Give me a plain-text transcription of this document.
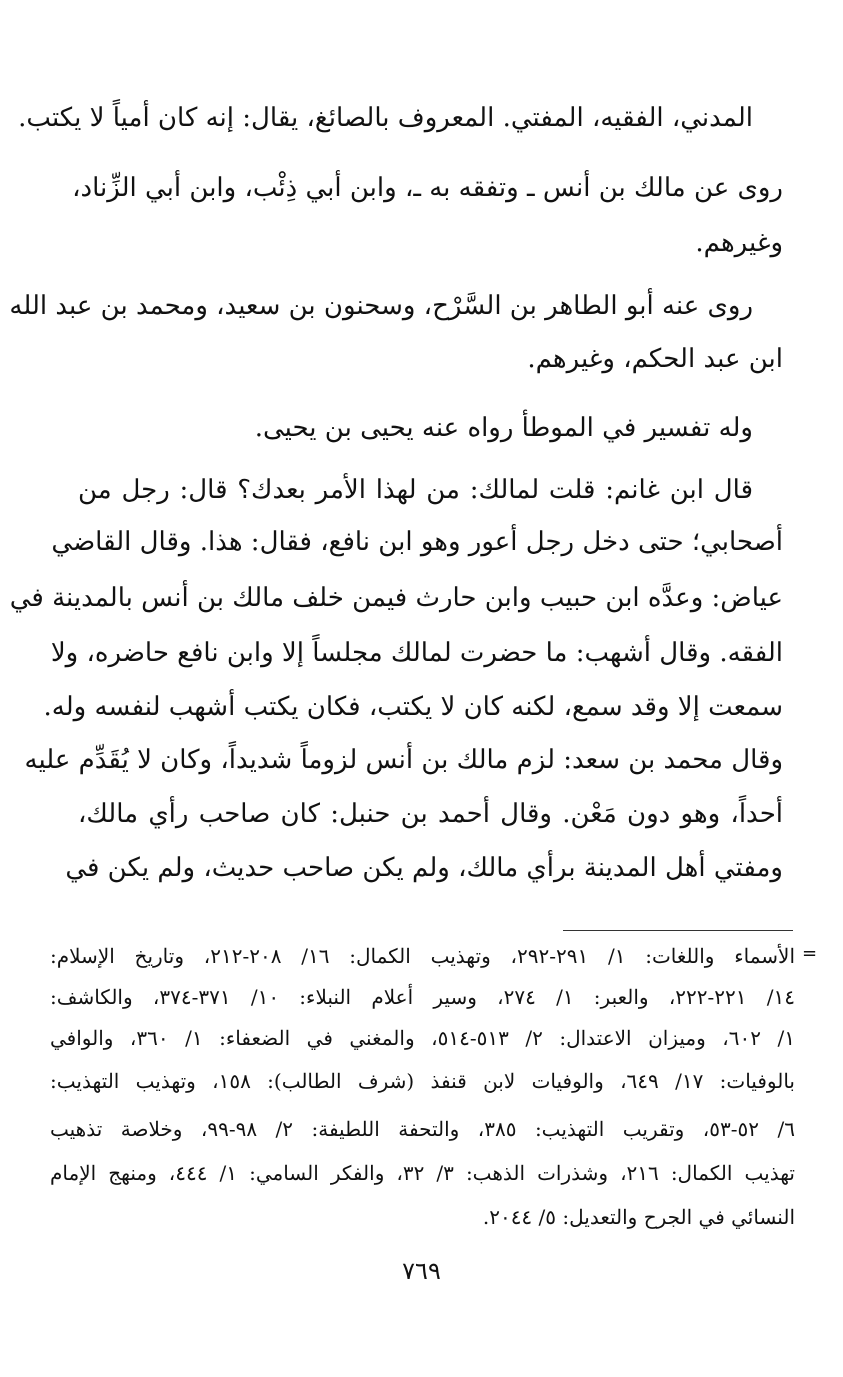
المدني، الفقيه، المفتي. المعروف بالصائغ، يقال: إنه كان أمياً لا يكتب.
روى عن مالك بن أنس ـ وتفقه به ـ، وابن أبي ذِئْب، وابن أبي الزِّناد،
وغيرهم.
روى عنه أبو الطاهر بن السَّرْح، وسحنون بن سعيد، ومحمد بن عبد الله
ابن عبد الحكم، وغيرهم.
وله تفسير في الموطأ رواه عنه يحيى بن يحيى.
قال ابن غانم: قلت لمالك: من لهذا الأمر بعدك؟ قال: رجل من
أصحابي؛ حتى دخل رجل أعور وهو ابن نافع، فقال: هذا. وقال القاضي
عياض: وعدَّه ابن حبيب وابن حارث فيمن خلف مالك بن أنس بالمدينة في
الفقه. وقال أشهب: ما حضرت لمالك مجلساً إلا وابن نافع حاضره، ولا
سمعت إلا وقد سمع، لكنه كان لا يكتب، فكان يكتب أشهب لنفسه وله.
وقال محمد بن سعد: لزم مالك بن أنس لزوماً شديداً، وكان لا يُقَدِّم عليه
أحداً، وهو دون مَعْن. وقال أحمد بن حنبل: كان صاحب رأي مالك،
ومفتي أهل المدينة برأي مالك، ولم يكن صاحب حديث، ولم يكن في
=
الأسماء واللغات: ١/ ٢٩١-٢٩٢، وتهذيب الكمال: ١٦/ ٢٠٨-٢١٢، وتاريخ الإسلام:
١٤/ ٢٢١-٢٢٢، والعبر: ١/ ٢٧٤، وسير أعلام النبلاء: ١٠/ ٣٧١-٣٧٤، والكاشف:
١/ ٦٠٢، وميزان الاعتدال: ٢/ ٥١٣-٥١٤، والمغني في الضعفاء: ١/ ٣٦٠، والوافي
بالوفيات: ١٧/ ٦٤٩، والوفيات لابن قنفذ (شرف الطالب): ١٥٨، وتهذيب التهذيب:
٦/ ٥٢-٥٣، وتقريب التهذيب: ٣٨٥، والتحفة اللطيفة: ٢/ ٩٨-٩٩، وخلاصة تذهيب
تهذيب الكمال: ٢١٦، وشذرات الذهب: ٣/ ٣٢، والفكر السامي: ١/ ٤٤٤، ومنهج الإمام
النسائي في الجرح والتعديل: ٥/ ٢٠٤٤.
٧٦٩
